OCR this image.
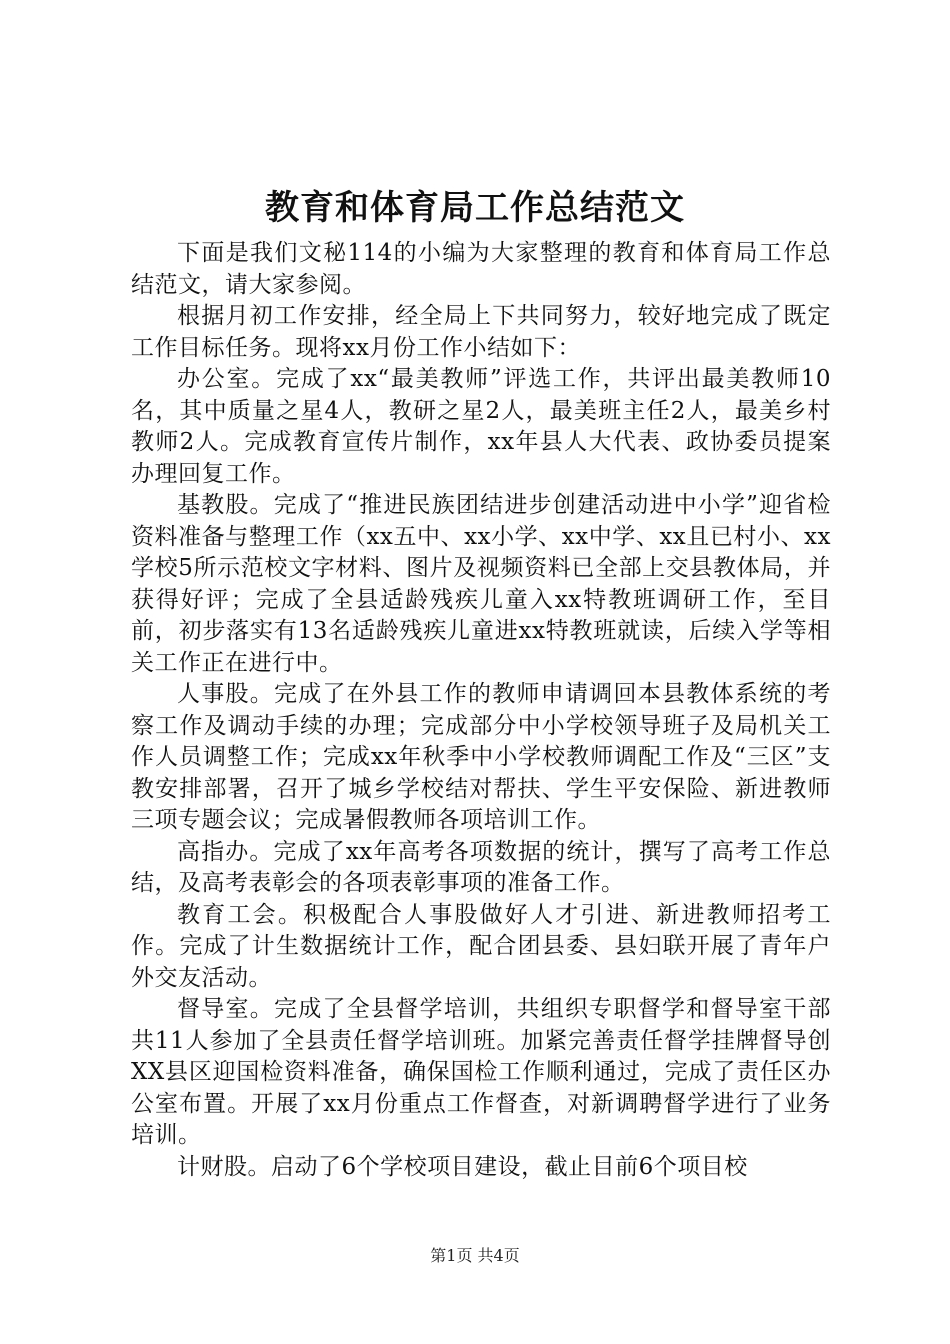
教育和体育局工作总结范文

下面是我们文秘114的小编为大家整理的教育和体育局工作总结范文，请大家参阅。

根据月初工作安排，经全局上下共同努力，较好地完成了既定工作目标任务。现将xx月份工作小结如下：

办公室。完成了xx“最美教师”评选工作，共评出最美教师10名，其中质量之星4人，教研之星2人，最美班主任2人，最美乡村教师2人。完成教育宣传片制作，xx年县人大代表、政协委员提案办理回复工作。

基教股。完成了“推进民族团结进步创建活动进中小学”迎省检资料准备与整理工作（xx五中、xx小学、xx中学、xx且已村小、xx学校5所示范校文字材料、图片及视频资料已全部上交县教体局，并获得好评；完成了全县适龄残疾儿童入xx特教班调研工作，至目前，初步落实有13名适龄残疾儿童进xx特教班就读，后续入学等相关工作正在进行中。

人事股。完成了在外县工作的教师申请调回本县教体系统的考察工作及调动手续的办理；完成部分中小学校领导班子及局机关工作人员调整工作；完成xx年秋季中小学校教师调配工作及“三区”支教安排部署，召开了城乡学校结对帮扶、学生平安保险、新进教师三项专题会议；完成暑假教师各项培训工作。

高指办。完成了xx年高考各项数据的统计，撰写了高考工作总结，及高考表彰会的各项表彰事项的准备工作。

教育工会。积极配合人事股做好人才引进、新进教师招考工作。完成了计生数据统计工作，配合团县委、县妇联开展了青年户外交友活动。

督导室。完成了全县督学培训，共组织专职督学和督导室干部共11人参加了全县责任督学培训班。加紧完善责任督学挂牌督导创XX县区迎国检资料准备，确保国检工作顺利通过，完成了责任区办公室布置。开展了xx月份重点工作督查，对新调聘督学进行了业务培训。

计财股。启动了6个学校项目建设，截止目前6个项目校

第1页 共4页
